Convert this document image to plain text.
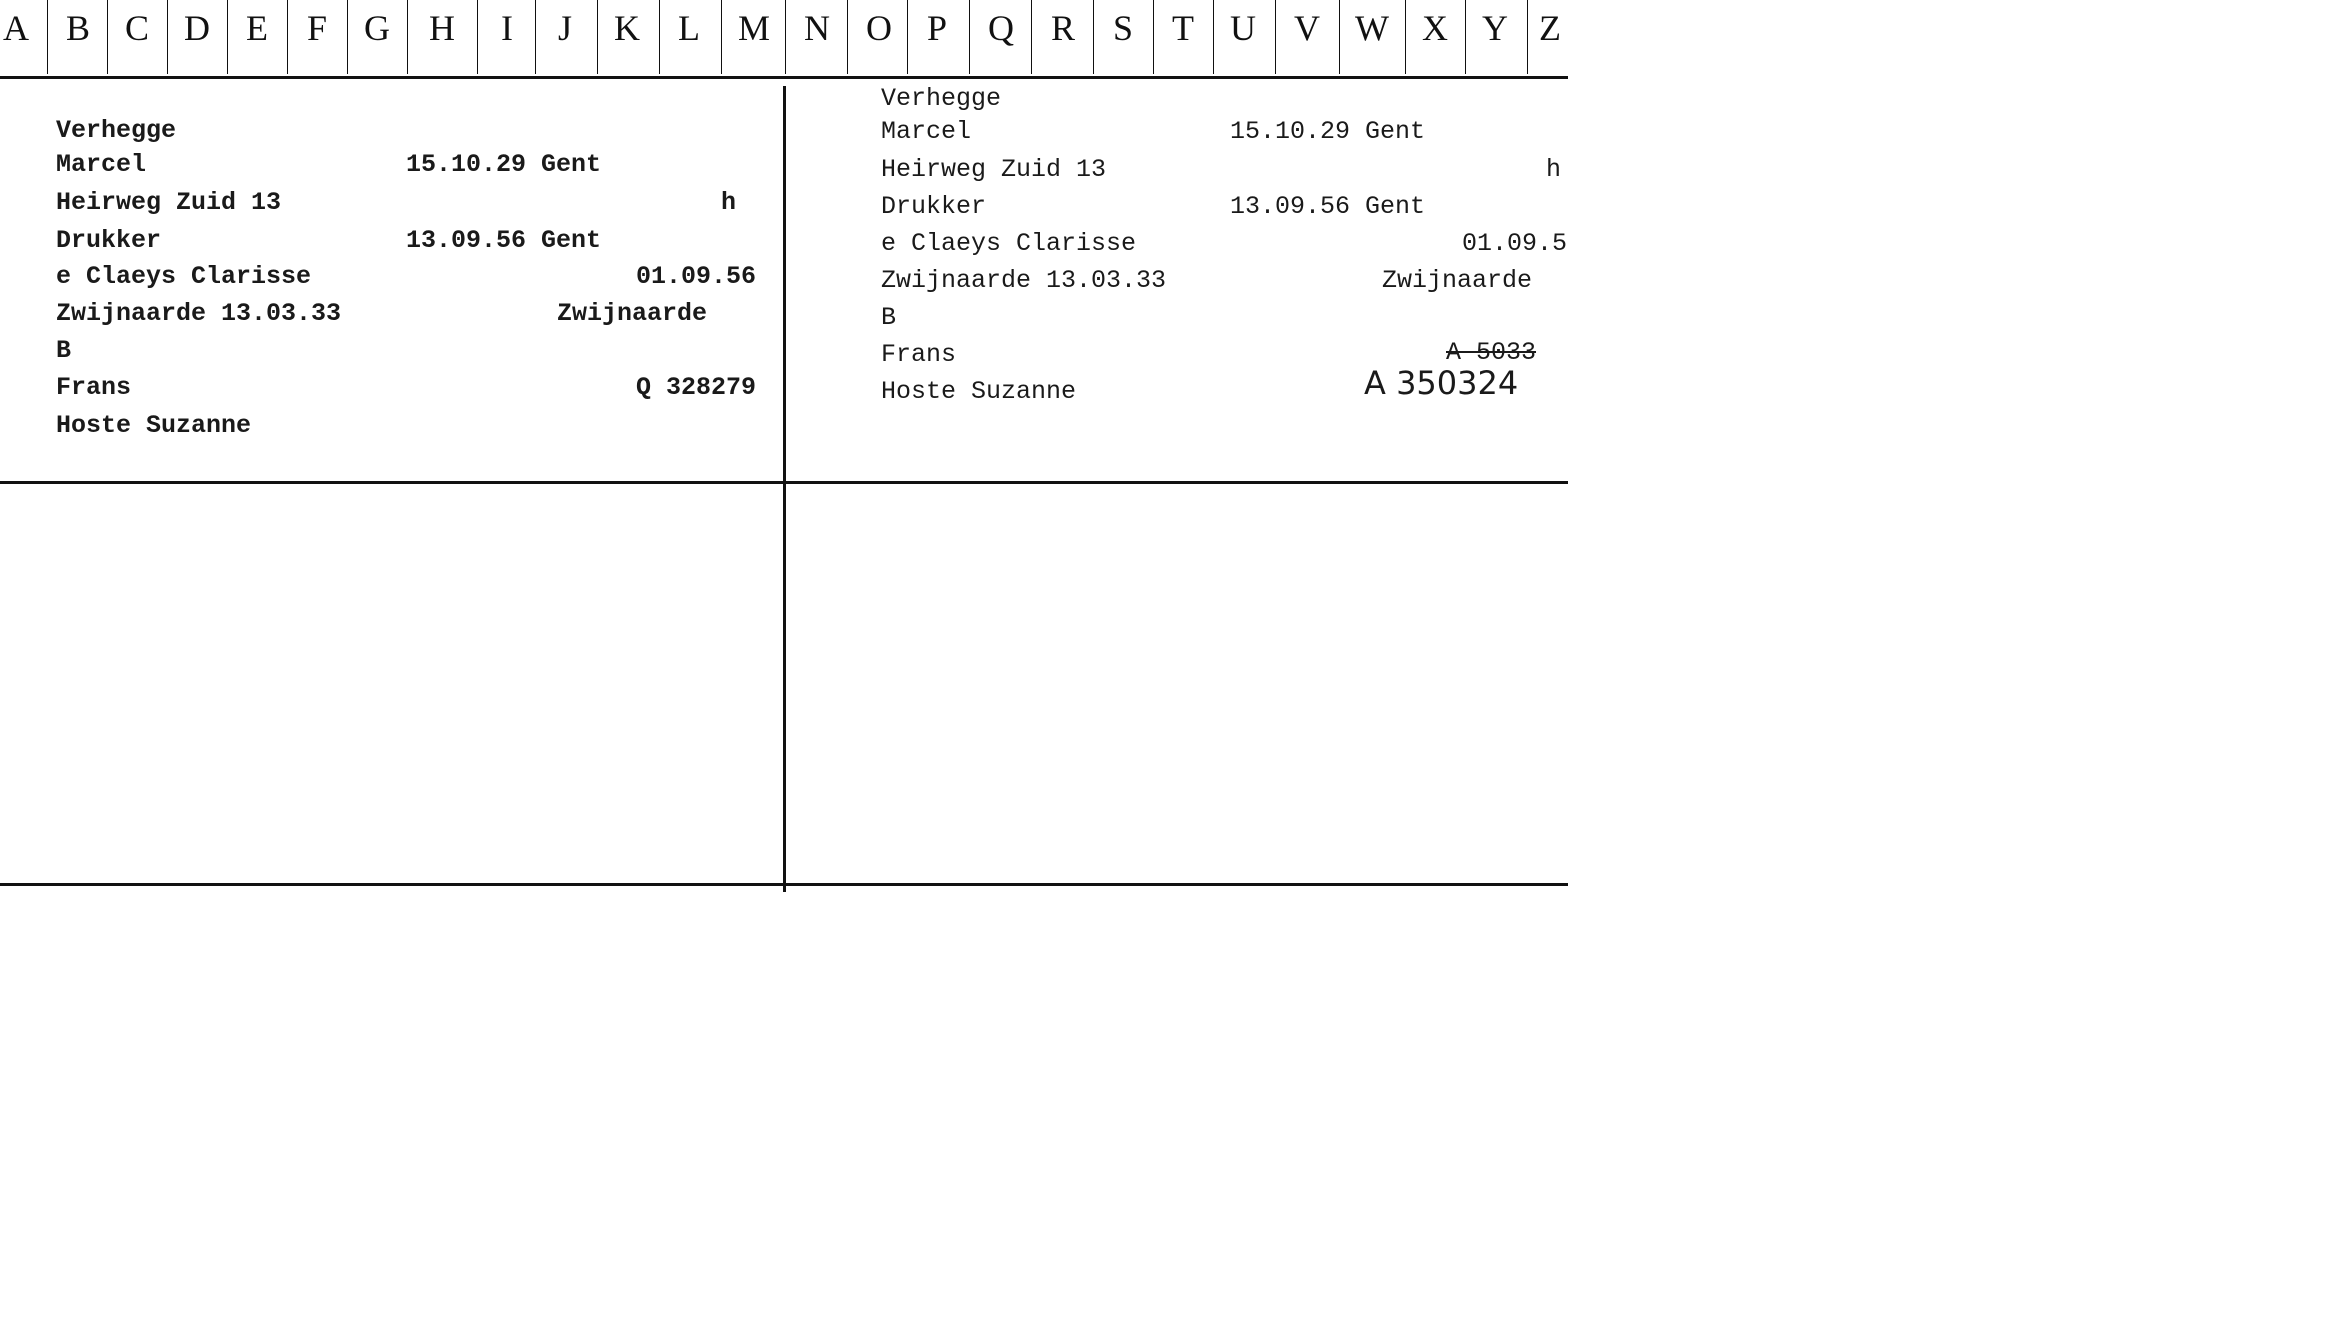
A	B C D	E	F	G	H	I	J	K	L	M N	O P	Q	R	S	T	U	V W X Y Z
Verhegge
Marcel	15.10.29 Gent
Heirweg Zuid 13	h
Drukker	13.09.56 Gent
e Claeys Clarisse	01.09.56
Zwijnaarde 13.03.33	Zwijnaarde
B
Frans	Q 328279
Hoste Suzanne
Verhegge
Marcel	15.10.29 Gent
Heirweg Zuid 13	h
Drukker	13.09.56 Gent
e Claeys Clarisse	01.09.5
Zwijnaarde 13.03.33	Zwijnaarde
B
Frans	A 5033
A 350324
Hoste Suzanne
